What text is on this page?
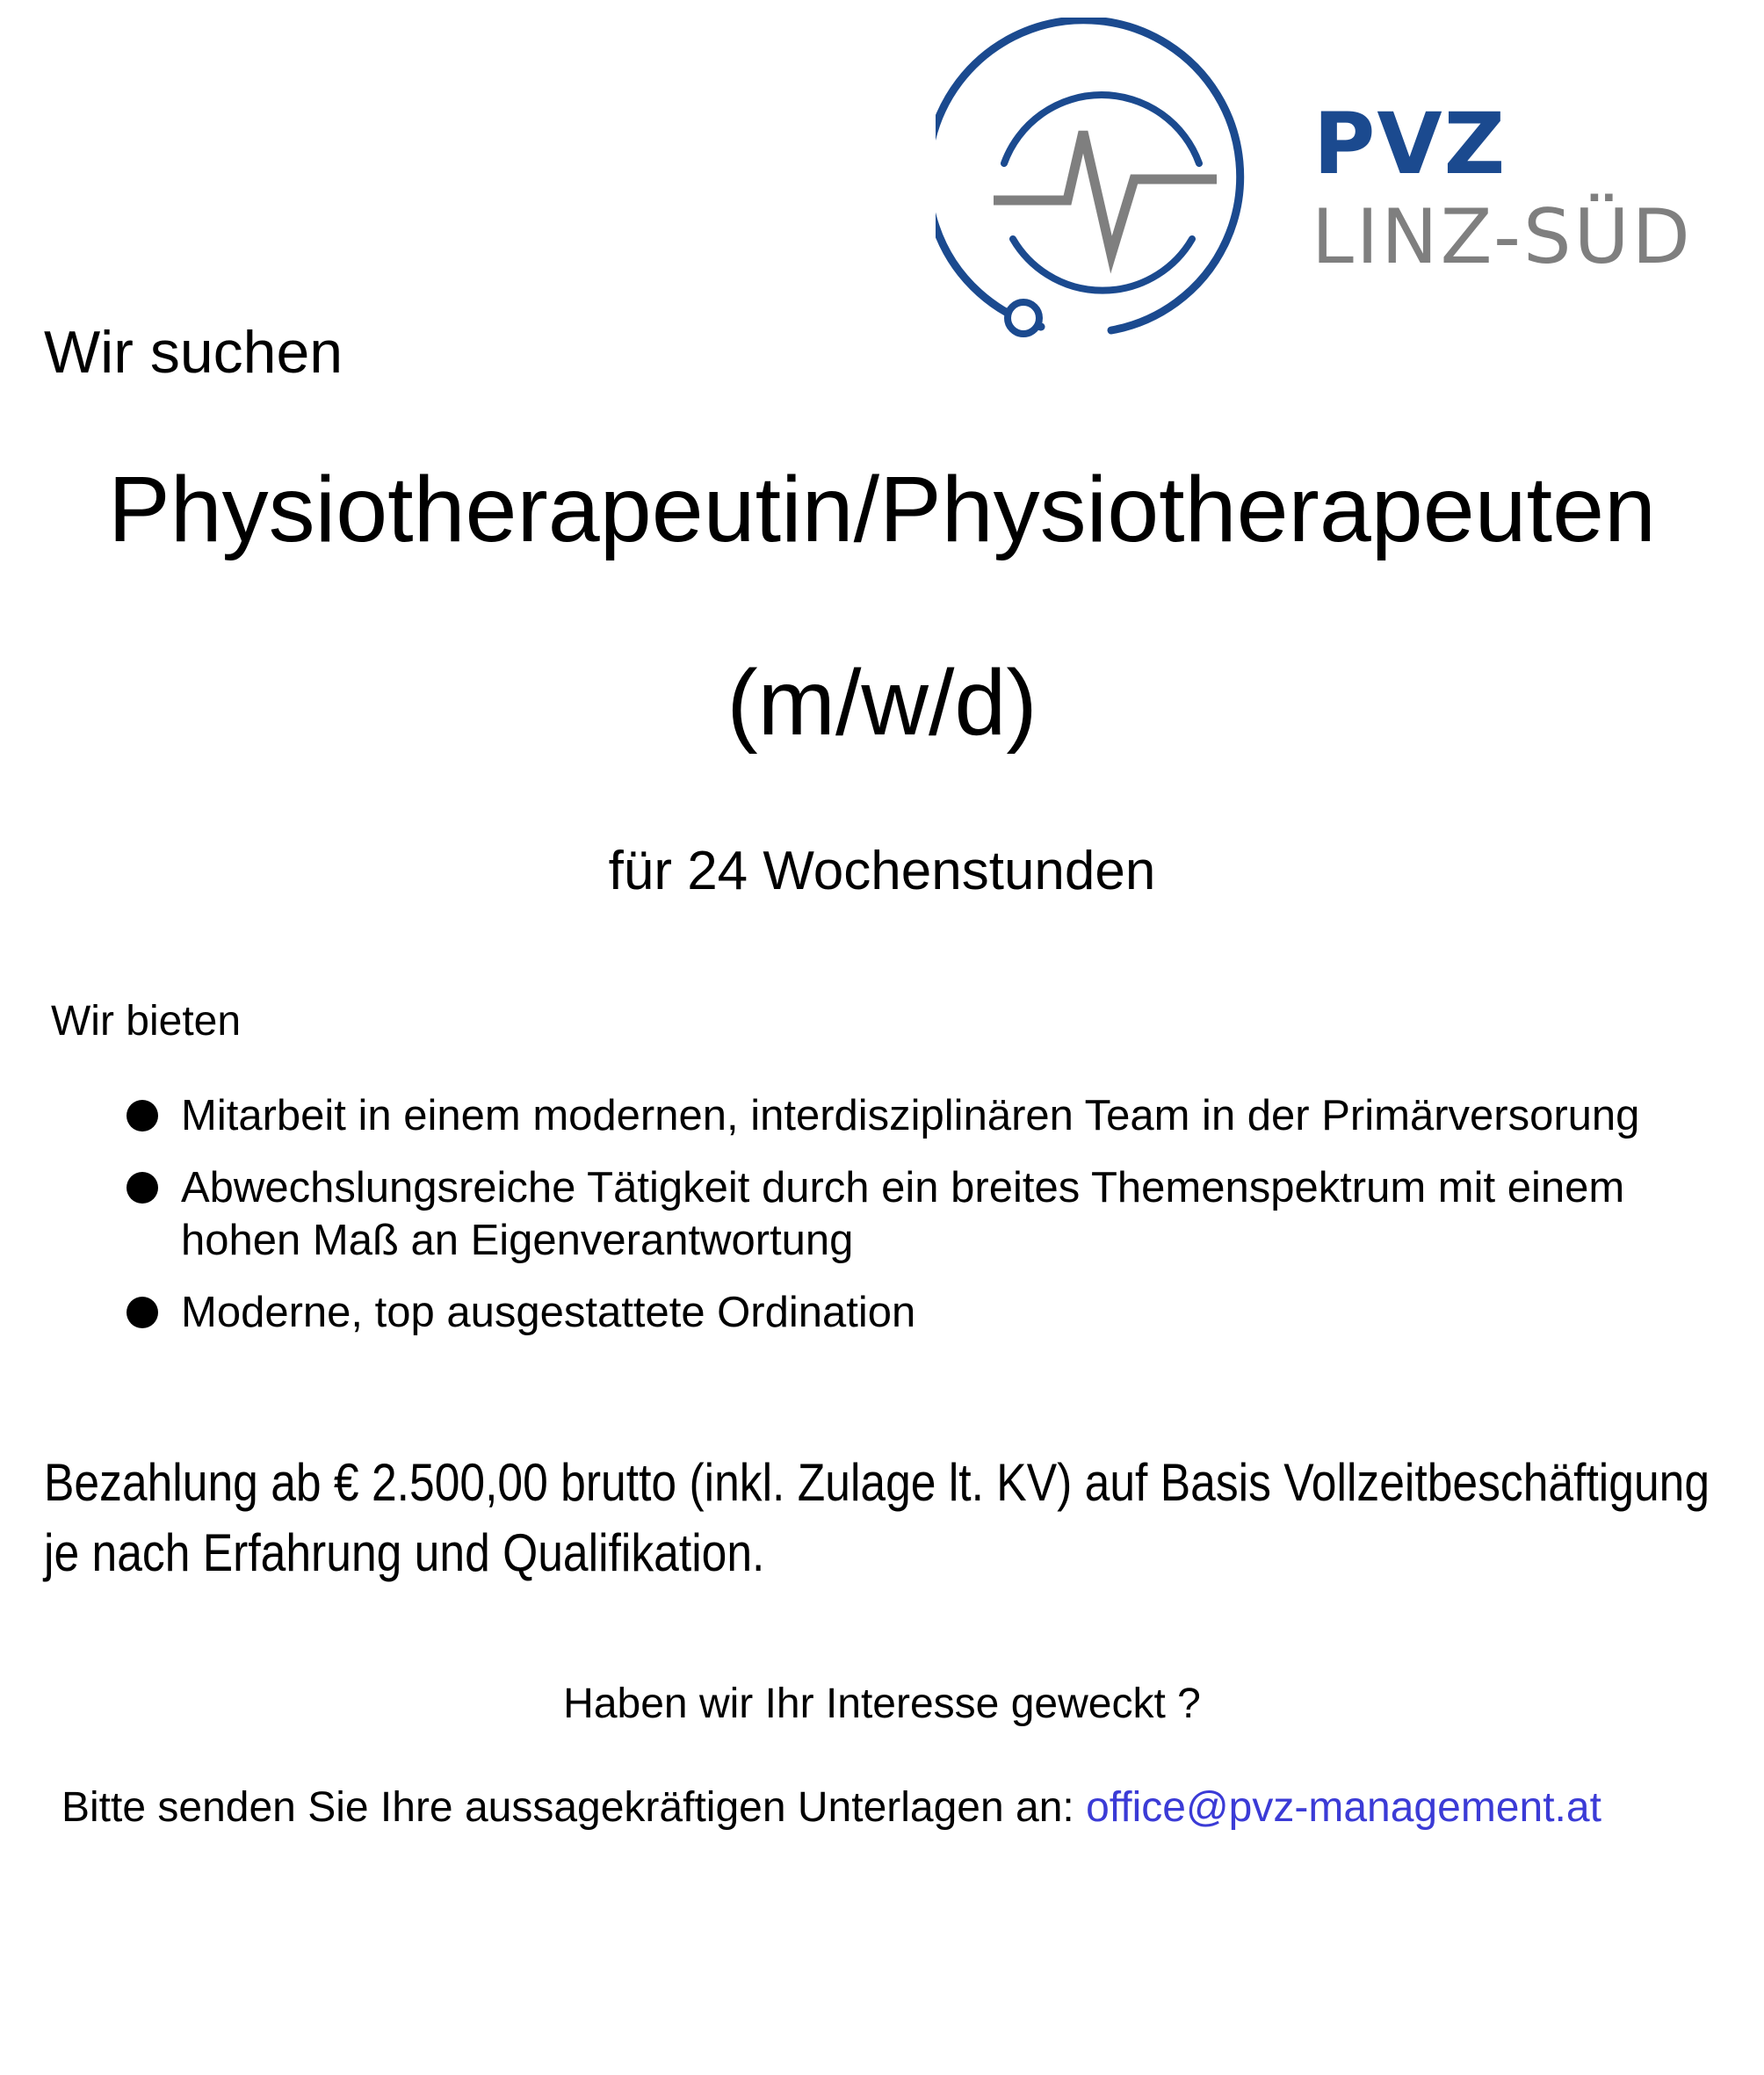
PVZ
LINZ-SÜD

Wir suchen

Physiotherapeutin/Physiotherapeuten
(m/w/d)

für 24 Wochenstunden

Wir bieten

Mitarbeit in einem modernen, interdisziplinären Team in der Primärversorung
Abwechslungsreiche Tätigkeit durch ein breites Themenspektrum mit einem hohen Maß an Eigenverantwortung
Moderne, top ausgestattete Ordination

Bezahlung ab € 2.500,00 brutto (inkl. Zulage lt. KV) auf Basis Vollzeitbeschäftigung je nach Erfahrung und Qualifikation.

Haben wir Ihr Interesse geweckt ?

Bitte senden Sie Ihre aussagekräftigen Unterlagen an: office@pvz-management.at
